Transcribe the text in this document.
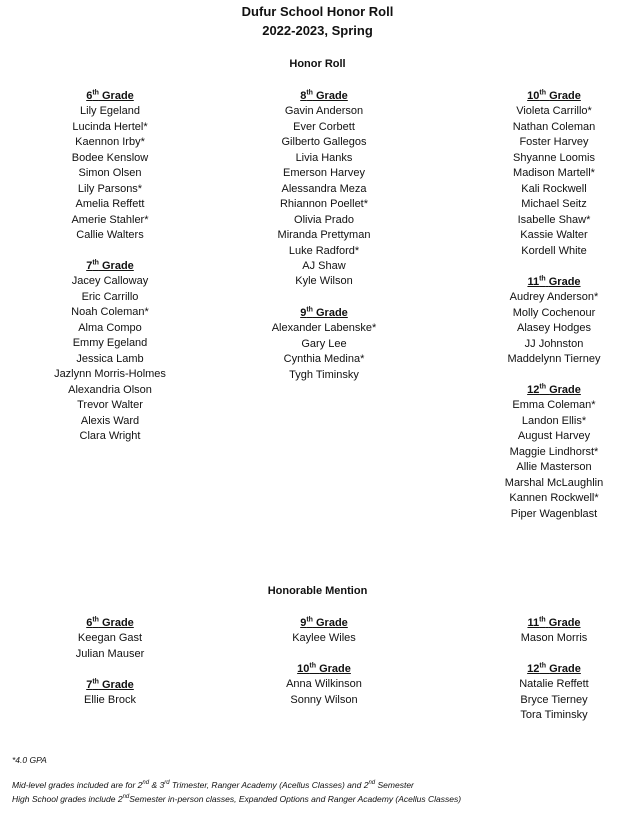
Dufur School Honor Roll
2022-2023, Spring
Honor Roll
Honorable Mention
6th Grade
Lily Egeland
Lucinda Hertel*
Kaennon Irby*
Bodee Kenslow
Simon Olsen
Lily Parsons*
Amelia Reffett
Amerie Stahler*
Callie Walters
7th Grade
Jacey Calloway
Eric Carrillo
Noah Coleman*
Alma Compo
Emmy Egeland
Jessica Lamb
Jazlynn Morris-Holmes
Alexandria Olson
Trevor Walter
Alexis Ward
Clara Wright
8th Grade
Gavin Anderson
Ever Corbett
Gilberto Gallegos
Livia Hanks
Emerson Harvey
Alessandra Meza
Rhiannon Poellet*
Olivia Prado
Miranda Prettyman
Luke Radford*
AJ Shaw
Kyle Wilson
9th Grade
Alexander Labenske*
Gary Lee
Cynthia Medina*
Tygh Timinsky
10th Grade
Violeta Carrillo*
Nathan Coleman
Foster Harvey
Shyanne Loomis
Madison Martell*
Kali Rockwell
Michael Seitz
Isabelle Shaw*
Kassie Walter
Kordell White
11th Grade
Audrey Anderson*
Molly Cochenour
Alasey Hodges
JJ Johnston
Maddelynn Tierney
12th Grade
Emma Coleman*
Landon Ellis*
August Harvey
Maggie Lindhorst*
Allie Masterson
Marshal McLaughlin
Kannen Rockwell*
Piper Wagenblast
6th Grade
Keegan Gast
Julian Mauser
7th Grade
Ellie Brock
9th Grade
Kaylee Wiles
10th Grade
Anna Wilkinson
Sonny Wilson
11th Grade
Mason Morris
12th Grade
Natalie Reffett
Bryce Tierney
Tora Timinsky
*4.0 GPA
Mid-level grades included are for 2nd & 3rd Trimester, Ranger Academy (Acellus Classes) and 2nd Semester
High School grades include 2ndSemester in-person classes, Expanded Options and Ranger Academy (Acellus Classes)
